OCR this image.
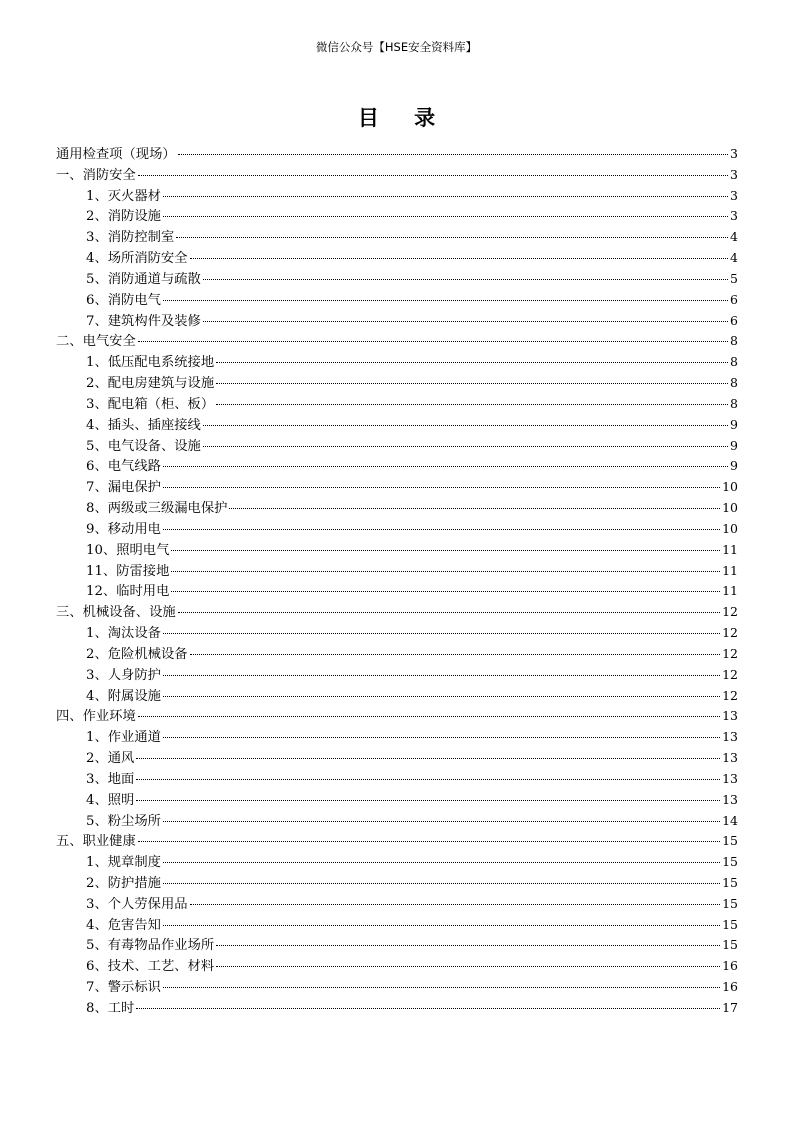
微信公众号【HSE安全资料库】
目 录
通用检查项（现场）	3
一、消防安全	3
1、灭火器材	3
2、消防设施	3
3、消防控制室	4
4、场所消防安全	4
5、消防通道与疏散	5
6、消防电气	6
7、建筑构件及装修	6
二、电气安全	8
1、低压配电系统接地	8
2、配电房建筑与设施	8
3、配电箱（柜、板）	8
4、插头、插座接线	9
5、电气设备、设施	9
6、电气线路	9
7、漏电保护	10
8、两级或三级漏电保护	10
9、移动用电	10
10、照明电气	11
11、防雷接地	11
12、临时用电	11
三、机械设备、设施	12
1、淘汰设备	12
2、危险机械设备	12
3、人身防护	12
4、附属设施	12
四、作业环境	13
1、作业通道	13
2、通风	13
3、地面	13
4、照明	13
5、粉尘场所	14
五、职业健康	15
1、规章制度	15
2、防护措施	15
3、个人劳保用品	15
4、危害告知	15
5、有毒物品作业场所	15
6、技术、工艺、材料	16
7、警示标识	16
8、工时	17
